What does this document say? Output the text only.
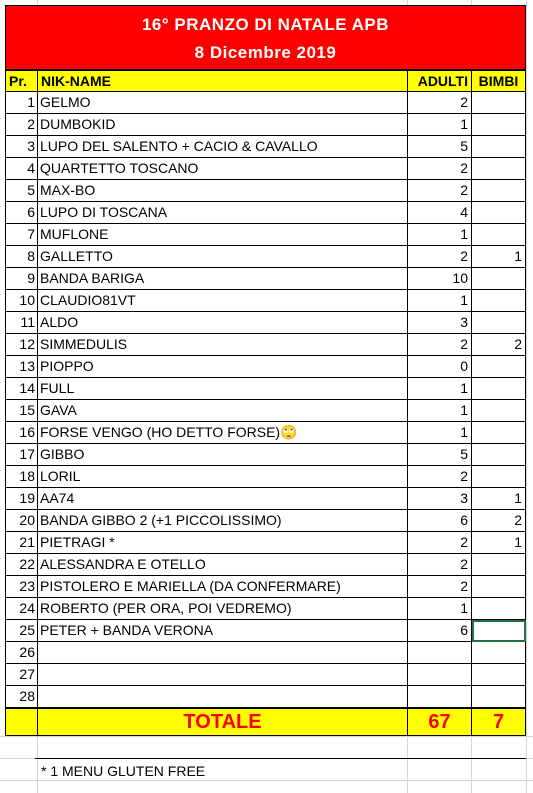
16° PRANZO DI NATALE APB
8 Dicembre 2019
Pr.	NIK-NAME	ADULTI BIMBI
1 GELMO	2
2 DUMBOKID	1
3 LUPO DEL SALENTO + CACIO & CAVALLO	5
4 QUARTETTO TOSCANO	2
5 MAX-BO	2
6 LUPO DI TOSCANA	4
7 MUFLONE	1
8 GALLETTO	2	1
9 BANDA BARIGA	10
10 CLAUDIO81VT	1
11 ALDO	3
12 SIMMEDULIS	2	2
13 PIOPPO	0
14 FULL	1
15 GAVA	1
16 FORSE VENGO (HO DETTO FORSE)🙄	1
17 GIBBO	5
18 LORIL	2
19 AA74	3	1
20 BANDA GIBBO 2 (+1 PICCOLISSIMO)	6	2
21 PIETRAGI *	2	1
22 ALESSANDRA E OTELLO	2
23 PISTOLERO E MARIELLA (DA CONFERMARE)	2
24 ROBERTO (PER ORA, POI VEDREMO)	1
25 PETER + BANDA VERONA	6
26
27
28
TOTALE	67	7
* 1 MENU GLUTEN FREE
